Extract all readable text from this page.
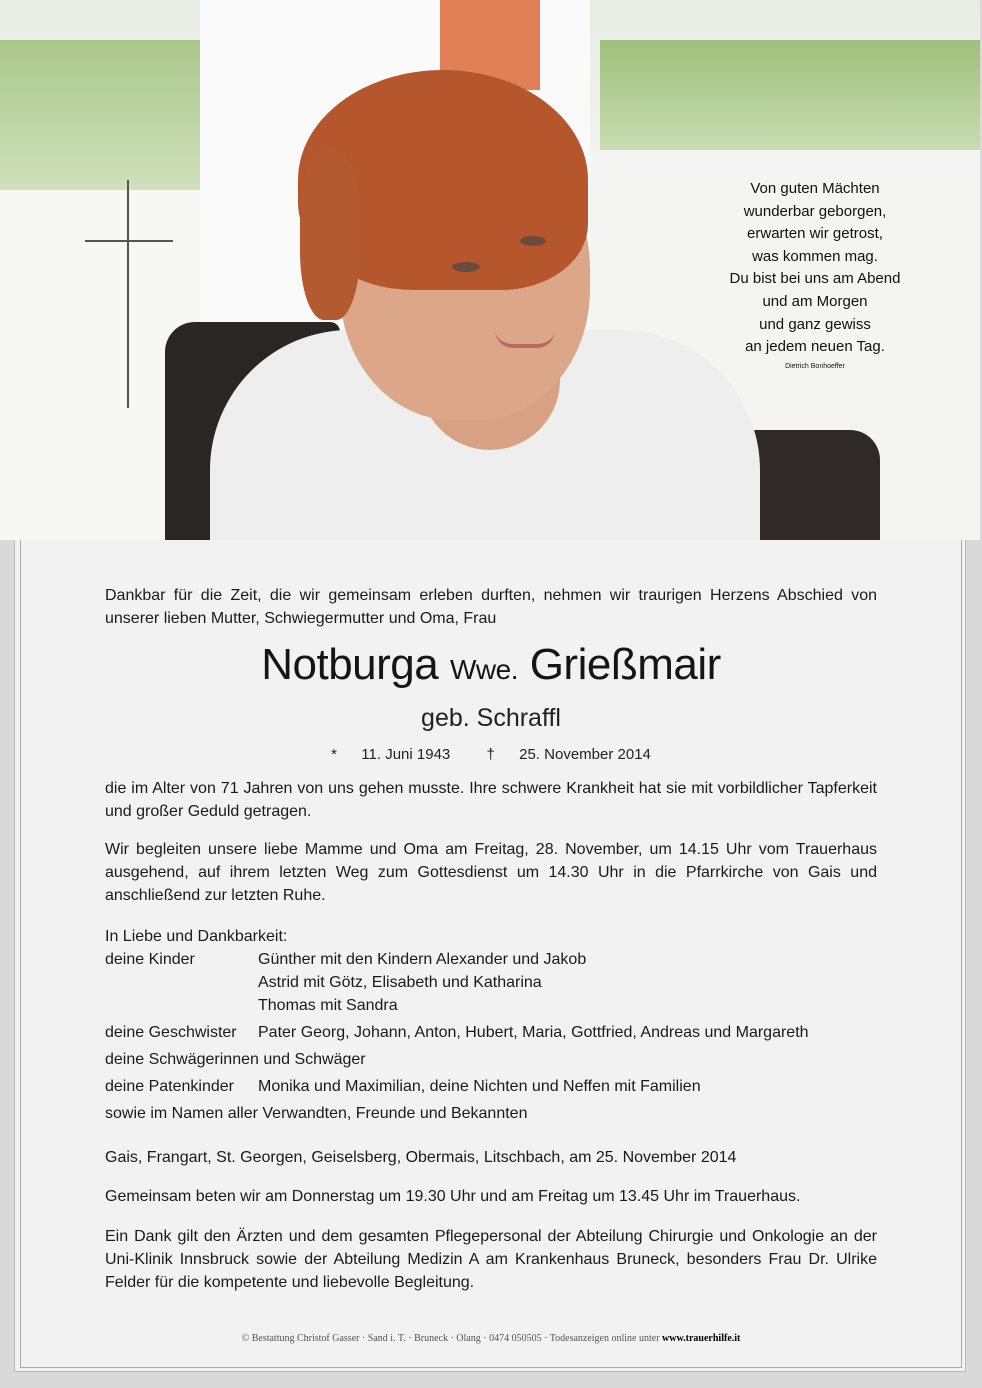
Von guten Mächten
wunderbar geborgen,
erwarten wir getrost,
was kommen mag.
Du bist bei uns am Abend
und am Morgen
und ganz gewiss
an jedem neuen Tag.
Dietrich Bonhoeffer
Dankbar für die Zeit, die wir gemeinsam erleben durften, nehmen wir traurigen Herzens Abschied von unserer lieben Mutter, Schwiegermutter und Oma, Frau
Notburga Wwe. Grießmair
geb. Schraffl
* 11. Juni 1943 † 25. November 2014
die im Alter von 71 Jahren von uns gehen musste. Ihre schwere Krankheit hat sie mit vorbildlicher Tapferkeit und großer Geduld getragen.
Wir begleiten unsere liebe Mamme und Oma am Freitag, 28. November, um 14.15 Uhr vom Trauerhaus ausgehend, auf ihrem letzten Weg zum Gottesdienst um 14.30 Uhr in die Pfarrkirche von Gais und anschließend zur letzten Ruhe.
In Liebe und Dankbarkeit:
deine Kinder	Günther mit den Kindern Alexander und Jakob
Astrid mit Götz, Elisabeth und Katharina
Thomas mit Sandra
deine Geschwister	Pater Georg, Johann, Anton, Hubert, Maria, Gottfried, Andreas und Margareth
deine Schwägerinnen und Schwäger
deine Patenkinder	Monika und Maximilian, deine Nichten und Neffen mit Familien
sowie im Namen aller Verwandten, Freunde und Bekannten
Gais, Frangart, St. Georgen, Geiselsberg, Obermais, Litschbach, am 25. November 2014
Gemeinsam beten wir am Donnerstag um 19.30 Uhr und am Freitag um 13.45 Uhr im Trauerhaus.
Ein Dank gilt den Ärzten und dem gesamten Pflegepersonal der Abteilung Chirurgie und Onkologie an der Uni-Klinik Innsbruck sowie der Abteilung Medizin A am Krankenhaus Bruneck, besonders Frau Dr. Ulrike Felder für die kompetente und liebevolle Begleitung.
© Bestattung Christof Gasser · Sand i. T. · Bruneck · Olang · 0474 050505 · Todesanzeigen online unter www.trauerhilfe.it
